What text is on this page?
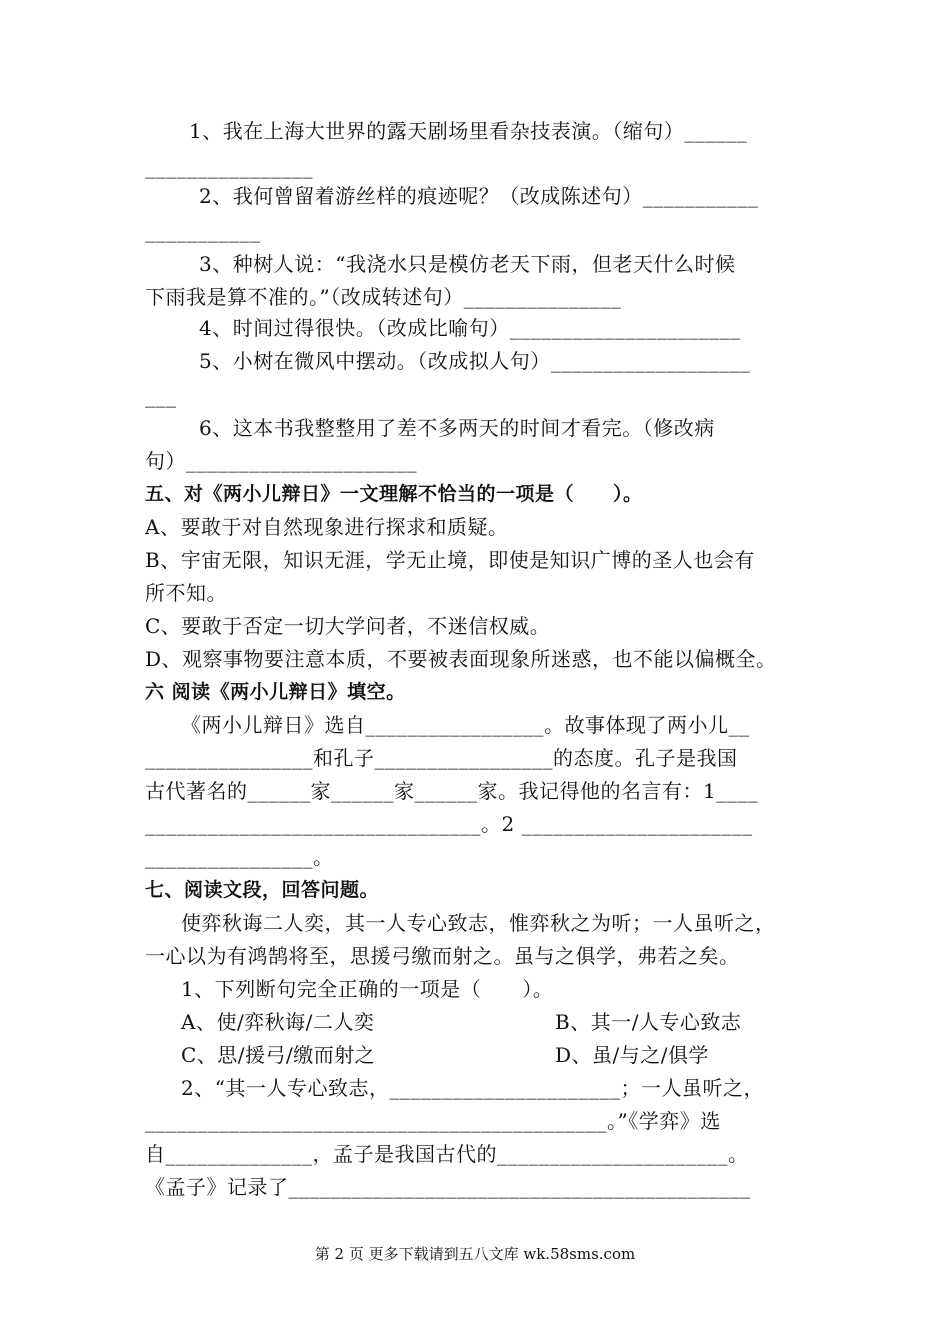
1、我在上海大世界的露天剧场里看杂技表演。（缩句）______
________________
2、我何曾留着游丝样的痕迹呢？（改成陈述句）___________
___________
3、种树人说：“我浇水只是模仿老天下雨，但老天什么时候
下雨我是算不准的。”（改成转述句）_______________
4、时间过得很快。（改成比喻句）______________________
5、小树在微风中摆动。（改成拟人句）___________________
___
6、这本书我整整用了差不多两天的时间才看完。（修改病
句）______________________
五、对《两小儿辩日》一文理解不恰当的一项是（　　）。
A、要敢于对自然现象进行探求和质疑。
B、宇宙无限，知识无涯，学无止境，即使是知识广博的圣人也会有
所不知。
C、要敢于否定一切大学问者，不迷信权威。
D、观察事物要注意本质，不要被表面现象所迷惑，也不能以偏概全。
六 阅读《两小儿辩日》填空。
《两小儿辩日》选自_________________。故事体现了两小儿__
________________和孔子_________________的态度。孔子是我国
古代著名的______家______家______家。我记得他的名言有：1____
________________________________。2 ______________________
________________。
七、阅读文段，回答问题。
使弈秋诲二人奕，其一人专心致志，惟弈秋之为听；一人虽听之，
一心以为有鸿鹄将至，思援弓缴而射之。虽与之俱学，弗若之矣。
1、下列断句完全正确的一项是（　　）。
A、使/弈秋诲/二人奕	B、其一/人专心致志
C、思/援弓/缴而射之	D、虽/与之/俱学
2、“其一人专心致志，______________________；一人虽听之，
____________________________________________。”《学弈》选
自______________，孟子是我国古代的______________________。
《孟子》记录了____________________________________________
第 2 页 更多下载请到五八文库 wk.58sms.com
